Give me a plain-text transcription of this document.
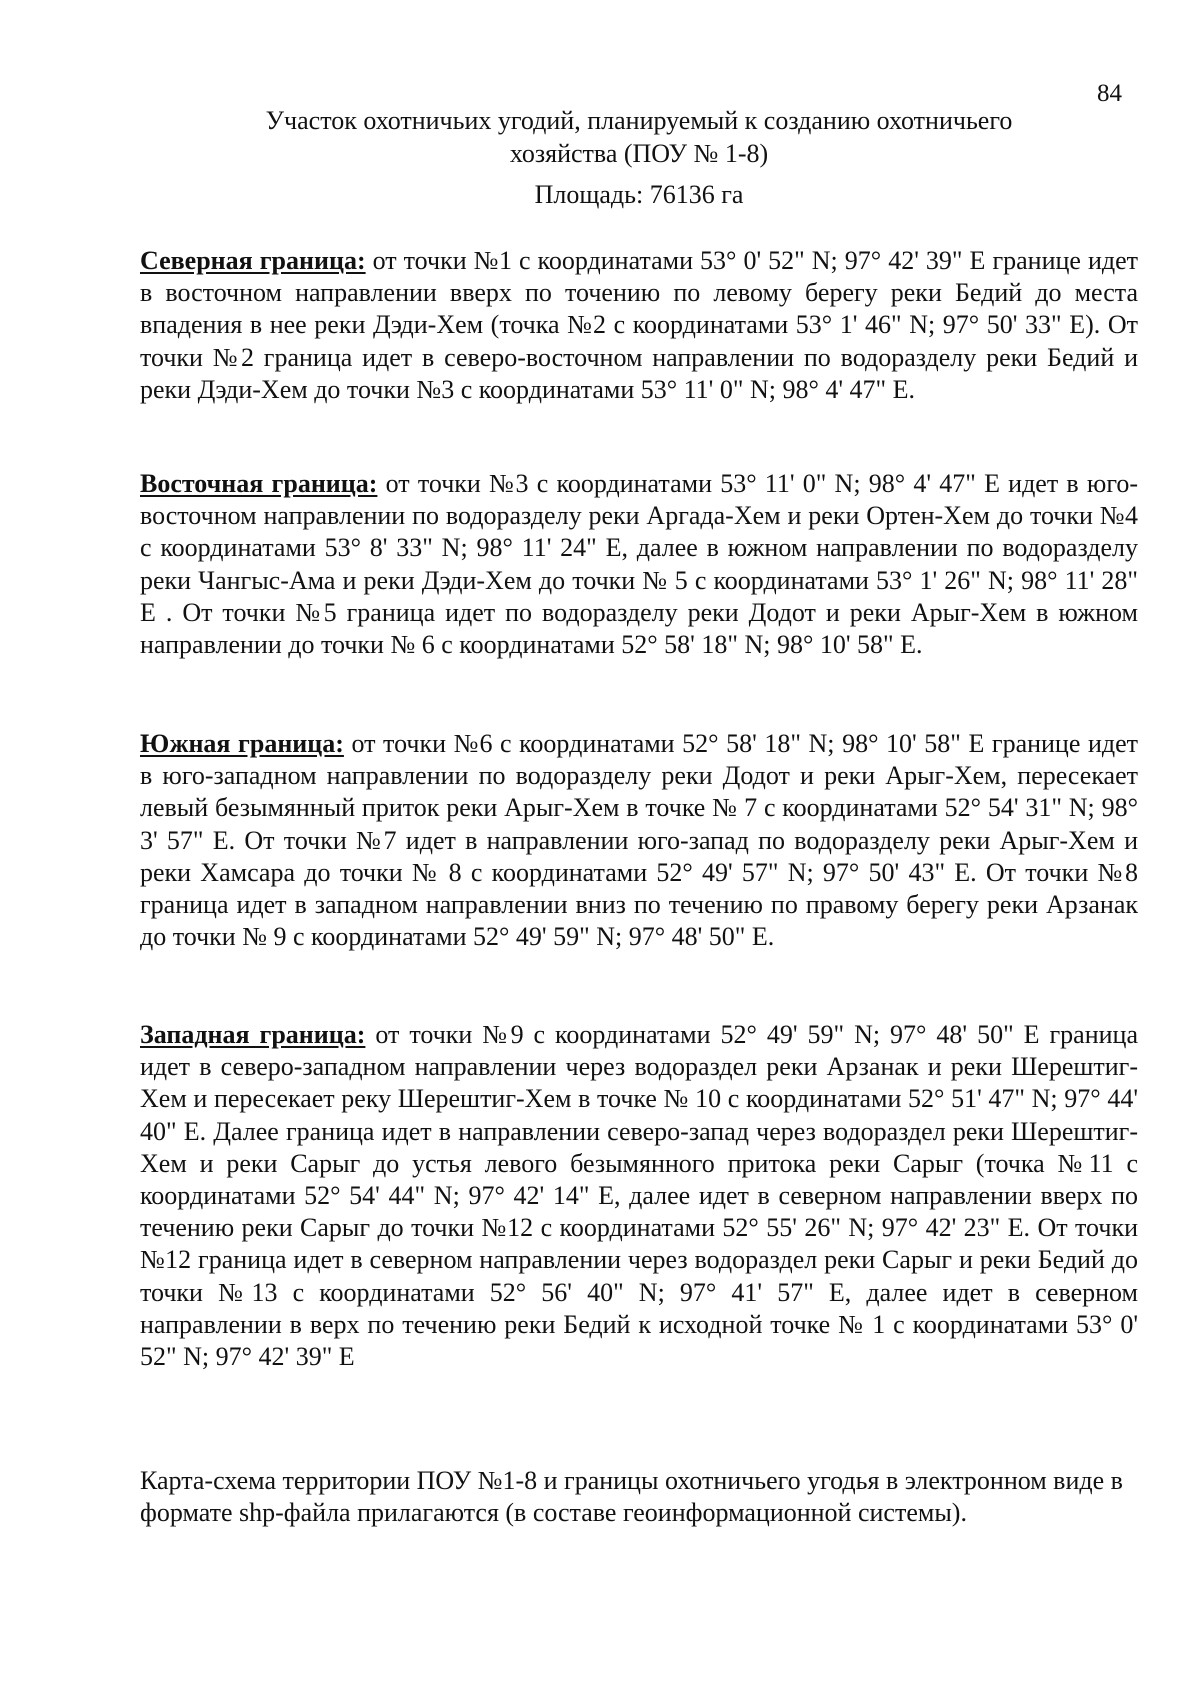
84
Участок охотничьих угодий, планируемый к созданию охотничьего
хозяйства (ПОУ № 1-8)
Площадь: 76136 га

Северная граница: от точки №1 с координатами 53° 0' 52" N; 97° 42' 39" E границе идет в восточном направлении вверх по точению по левому берегу реки Бедий до места впадения в нее реки Дэди-Хем (точка №2 с координатами 53° 1' 46" N; 97° 50' 33" E). От точки №2 граница идет в северо-восточном направлении по водоразделу реки Бедий и реки Дэди-Хем до точки №3 с координатами 53° 11' 0" N; 98° 4' 47" E.

Восточная граница: от точки №3 с координатами 53° 11' 0" N; 98° 4' 47" E идет в юго-восточном направлении по водоразделу реки Аргада-Хем и реки Ортен-Хем до точки №4 с координатами 53° 8' 33" N; 98° 11' 24" E, далее в южном направлении по водоразделу реки Чангыс-Ама и реки Дэди-Хем до точки № 5 с координатами 53° 1' 26" N; 98° 11' 28" E . От точки №5 граница идет по водоразделу реки Додот и реки Арыг-Хем в южном направлении до точки № 6 с координатами 52° 58' 18" N; 98° 10' 58" E.

Южная граница: от точки №6 с координатами 52° 58' 18" N; 98° 10' 58" E границе идет в юго-западном направлении по водоразделу реки Додот и реки Арыг-Хем, пересекает левый безымянный приток реки Арыг-Хем в точке № 7 с координатами 52° 54' 31" N; 98° 3' 57" E. От точки №7 идет в направлении юго-запад по водоразделу реки Арыг-Хем и реки Хамсара до точки № 8 с координатами 52° 49' 57" N; 97° 50' 43" E. От точки №8 граница идет в западном направлении вниз по течению по правому берегу реки Арзанак до точки № 9 с координатами 52° 49' 59" N; 97° 48' 50" E.

Западная граница: от точки №9 с координатами 52° 49' 59" N; 97° 48' 50" E граница идет в северо-западном направлении через водораздел реки Арзанак и реки Шерештиг-Хем и пересекает реку Шерештиг-Хем в точке № 10 с координатами 52° 51' 47" N; 97° 44' 40" E. Далее граница идет в направлении северо-запад через водораздел реки Шерештиг-Хем и реки Сарыг до устья левого безымянного притока реки Сарыг (точка №11 с координатами 52° 54' 44" N; 97° 42' 14" E, далее идет в северном направлении вверх по течению реки Сарыг до точки №12 с координатами 52° 55' 26" N; 97° 42' 23" E. От точки №12 граница идет в северном направлении через водораздел реки Сарыг и реки Бедий до точки №13 с координатами 52° 56' 40" N; 97° 41' 57" E, далее идет в северном направлении в верх по течению реки Бедий к исходной точке № 1 с координатами 53° 0' 52" N; 97° 42' 39" E

Карта-схема территории ПОУ №1-8 и границы охотничьего угодья в электронном виде в формате shp-файла прилагаются (в составе геоинформационной системы).
